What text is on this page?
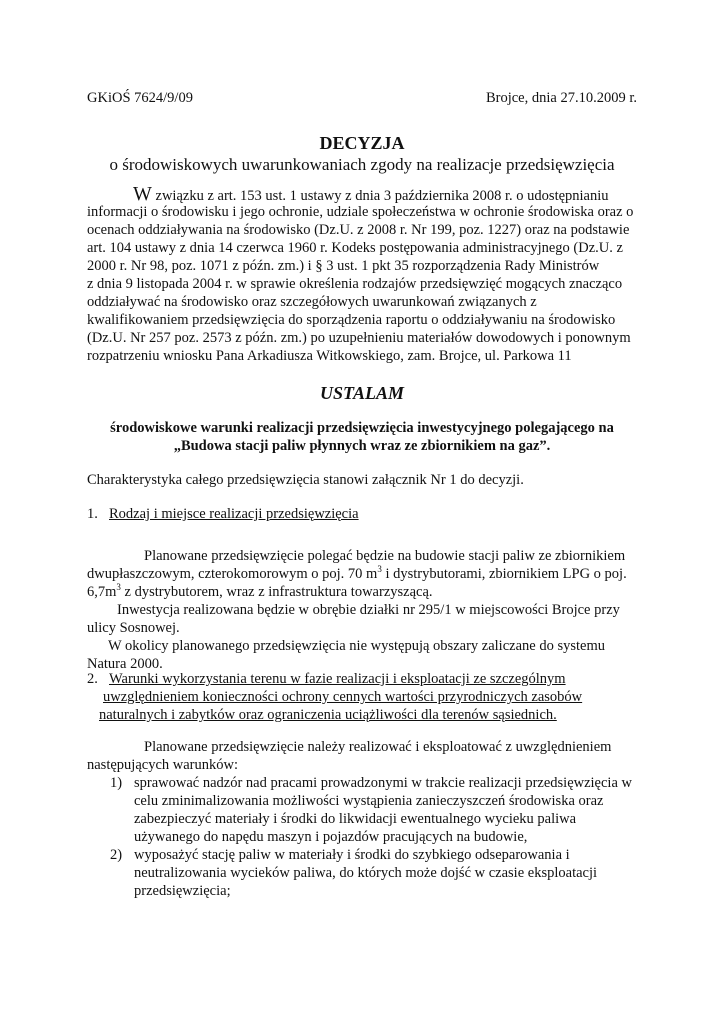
GKiOŚ 7624/9/09	Brojce, dnia 27.10.2009 r.
DECYZJA
o środowiskowych uwarunkowaniach zgody na realizacje przedsięwzięcia
W związku z art. 153 ust. 1 ustawy z dnia 3 października 2008 r. o udostępnianiu
informacji o środowisku i jego ochronie, udziale społeczeństwa w ochronie środowiska oraz o
ocenach oddziaływania na środowisko (Dz.U. z 2008 r. Nr 199, poz. 1227) oraz na podstawie
art. 104 ustawy z dnia 14 czerwca 1960 r. Kodeks postępowania administracyjnego (Dz.U. z
2000 r. Nr 98, poz. 1071 z późn. zm.) i § 3 ust. 1 pkt 35 rozporządzenia Rady Ministrów
z dnia 9 listopada 2004 r. w sprawie określenia rodzajów przedsięwzięć mogących znacząco
oddziaływać na środowisko oraz szczegółowych uwarunkowań związanych z
kwalifikowaniem przedsięwzięcia do sporządzenia raportu o oddziaływaniu na środowisko
(Dz.U. Nr 257 poz. 2573 z późn. zm.) po uzupełnieniu materiałów dowodowych i ponownym
rozpatrzeniu wniosku Pana Arkadiusza Witkowskiego, zam. Brojce, ul. Parkowa 11
USTALAM
środowiskowe warunki realizacji przedsięwzięcia inwestycyjnego polegającego na
„Budowa stacji paliw płynnych wraz ze zbiornikiem na gaz”.
Charakterystyka całego przedsięwzięcia stanowi załącznik Nr 1 do decyzji.
1. Rodzaj i miejsce realizacji przedsięwzięcia
Planowane przedsięwzięcie polegać będzie na budowie stacji paliw ze zbiornikiem
dwupłaszczowym, czterokomorowym o poj. 70 $m^3$ i dystrybutorami, zbiornikiem LPG o poj.
$6,7m^3$ z dystrybutorem, wraz z infrastruktura towarzyszącą.
Inwestycja realizowana będzie w obrębie działki nr 295/1 w miejscowości Brojce przy
ulicy Sosnowej.
W okolicy planowanego przedsięwzięcia nie występują obszary zaliczane do systemu
Natura 2000.
2. Warunki wykorzystania terenu w fazie realizacji i eksploatacji ze szczególnym
uwzględnieniem konieczności ochrony cennych wartości przyrodniczych zasobów
naturalnych i zabytków oraz ograniczenia uciążliwości dla terenów sąsiednich.
Planowane przedsięwzięcie należy realizować i eksploatować z uwzględnieniem
następujących warunków:
1) sprawować nadzór nad pracami prowadzonymi w trakcie realizacji przedsięwzięcia w
celu zminimalizowania możliwości wystąpienia zanieczyszczeń środowiska oraz
zabezpieczyć materiały i środki do likwidacji ewentualnego wycieku paliwa
używanego do napędu maszyn i pojazdów pracujących na budowie,
2) wyposażyć stację paliw w materiały i środki do szybkiego odseparowania i
neutralizowania wycieków paliwa, do których może dojść w czasie eksploatacji
przedsięwzięcia;
